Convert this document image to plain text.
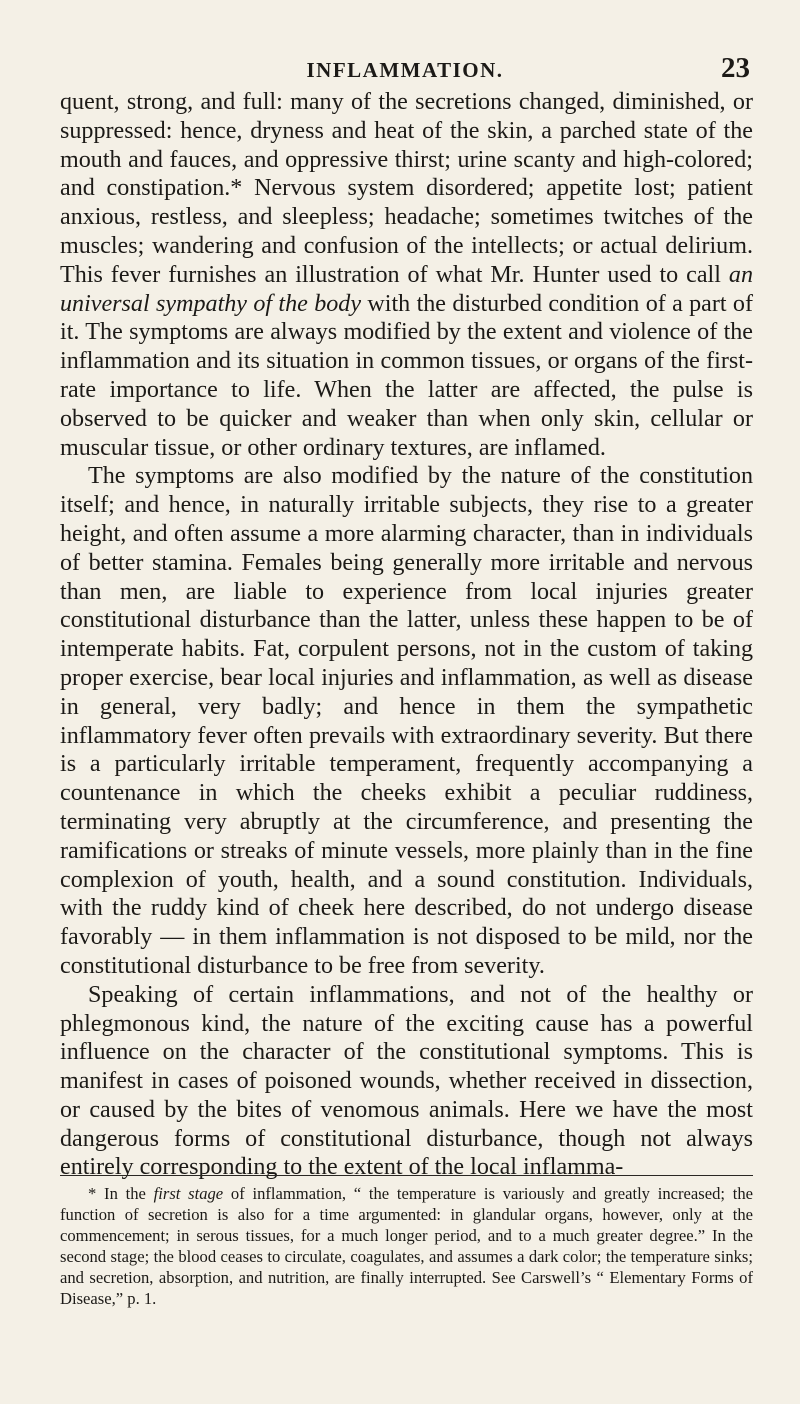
INFLAMMATION.	23

quent, strong, and full: many of the secretions changed, diminished, or suppressed: hence, dryness and heat of the skin, a parched state of the mouth and fauces, and oppressive thirst; urine scanty and high-colored; and constipation.* Nervous system disordered; appetite lost; patient anxious, restless, and sleepless; headache; sometimes twitches of the muscles; wandering and confusion of the intellects; or actual delirium. This fever furnishes an illustration of what Mr. Hunter used to call an universal sympathy of the body with the disturbed condition of a part of it. The symptoms are always modified by the extent and violence of the inflammation and its situation in common tissues, or organs of the first-rate importance to life. When the latter are affected, the pulse is observed to be quicker and weaker than when only skin, cellular or muscular tissue, or other ordinary textures, are inflamed.

The symptoms are also modified by the nature of the constitution itself; and hence, in naturally irritable subjects, they rise to a greater height, and often assume a more alarming character, than in individuals of better stamina. Females being generally more irritable and nervous than men, are liable to experience from local injuries greater constitutional disturbance than the latter, unless these happen to be of intemperate habits. Fat, corpulent persons, not in the custom of taking proper exercise, bear local injuries and inflammation, as well as disease in general, very badly; and hence in them the sympathetic inflammatory fever often prevails with extraordinary severity. But there is a particularly irritable temperament, frequently accompanying a countenance in which the cheeks exhibit a peculiar ruddiness, terminating very abruptly at the circumference, and presenting the ramifications or streaks of minute vessels, more plainly than in the fine complexion of youth, health, and a sound constitution. Individuals, with the ruddy kind of cheek here described, do not undergo disease favorably — in them inflammation is not disposed to be mild, nor the constitutional disturbance to be free from severity.

Speaking of certain inflammations, and not of the healthy or phlegmonous kind, the nature of the exciting cause has a powerful influence on the character of the constitutional symptoms. This is manifest in cases of poisoned wounds, whether received in dissection, or caused by the bites of venomous animals. Here we have the most dangerous forms of constitutional disturbance, though not always entirely corresponding to the extent of the local inflamma-

* In the first stage of inflammation, “ the temperature is variously and greatly increased; the function of secretion is also for a time argumented: in glandular organs, however, only at the commencement; in serous tissues, for a much longer period, and to a much greater degree.” In the second stage; the blood ceases to circulate, coagulates, and assumes a dark color; the temperature sinks; and secretion, absorption, and nutrition, are finally interrupted. See Carswell’s “ Elementary Forms of Disease,” p. 1.
